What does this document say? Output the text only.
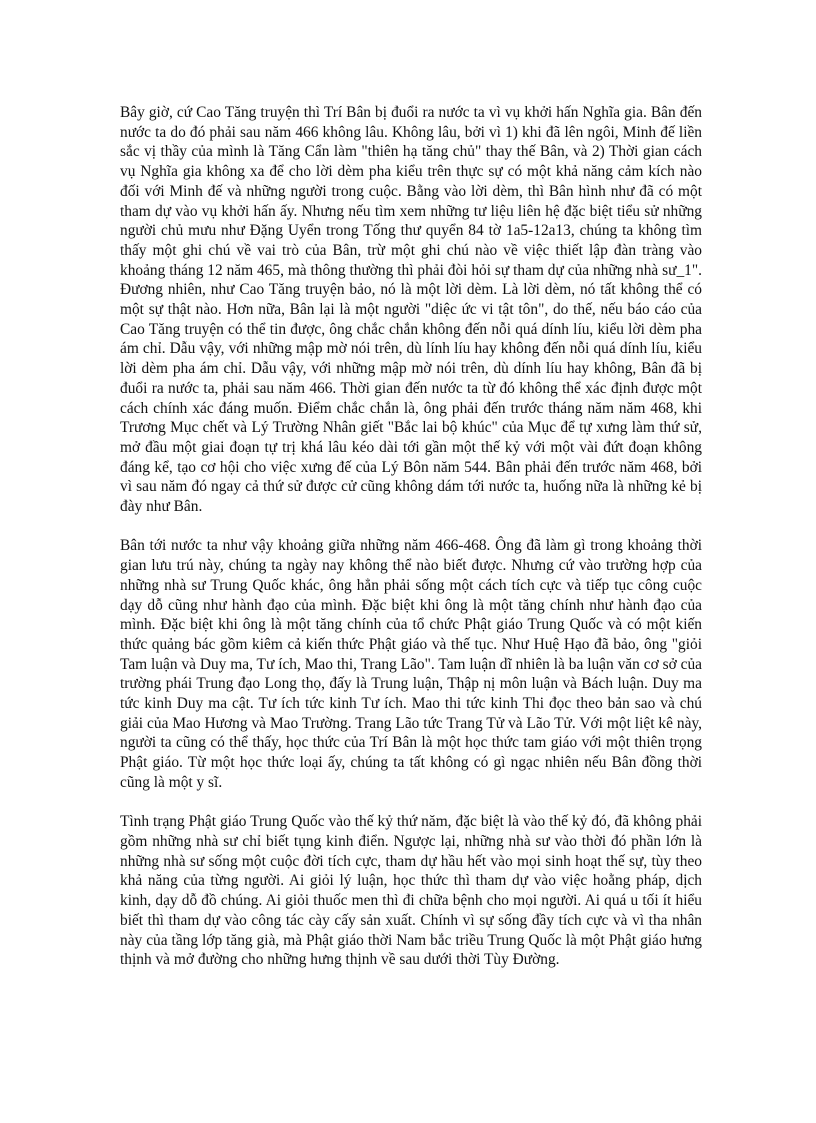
Bây giờ, cứ Cao Tăng truyện thì Trí Bân bị đuổi ra nước ta vì vụ khởi hấn Nghĩa gia. Bân đến nước ta do đó phải sau năm 466 không lâu. Không lâu, bởi vì 1) khi đã lên ngôi, Minh đế liền sắc vị thầy của mình là Tăng Cẩn làm "thiên hạ tăng chủ" thay thế Bân, và 2) Thời gian cách vụ Nghĩa gia không xa để cho lời dèm pha kiểu trên thực sự có một khả năng cảm kích nào đối với Minh đế và những người trong cuộc. Bằng vào lời dèm, thì Bân hình như đã có một tham dự vào vụ khởi hấn ấy. Nhưng nếu tìm xem những tư liệu liên hệ đặc biệt tiểu sử những người chủ mưu như Đặng Uyển trong Tống thư quyển 84 tờ 1a5-12a13, chúng ta không tìm thấy một ghi chú về vai trò của Bân, trừ một ghi chú nào về việc thiết lập đàn tràng vào khoảng tháng 12 năm 465, mà thông thường thì phải đòi hỏi sự tham dự của những nhà sư_1". Đương nhiên, như Cao Tăng truyện bảo, nó là một lời dèm. Là lời dèm, nó tất không thể có một sự thật nào. Hơn nữa, Bân lại là một người "diệc ức vi tật tôn", do thế, nếu báo cáo của Cao Tăng truyện có thể tin được, ông chắc chắn không đến nỗi quá dính líu, kiểu lời dèm pha ám chỉ. Dẫu vậy, với những mập mờ nói trên, dù lính líu hay không đến nỗi quá dính líu, kiểu lời dèm pha ám chỉ. Dẫu vậy, với những mập mờ nói trên, dù dính líu hay không, Bân đã bị đuổi ra nước ta, phải sau năm 466. Thời gian đến nước ta từ đó không thể xác định được một cách chính xác đáng muốn. Điểm chắc chắn là, ông phải đến trước tháng năm năm 468, khi Trương Mục chết và Lý Trường Nhân giết "Bắc lai bộ khúc" của Mục để tự xưng làm thứ sử, mở đầu một giai đoạn tự trị khá lâu kéo dài tới gần một thế kỷ với một vài đứt đoạn không đáng kể, tạo cơ hội cho việc xưng đế của Lý Bôn năm 544. Bân phải đến trước năm 468, bởi vì sau năm đó ngay cả thứ sử được cử cũng không dám tới nước ta, huống nữa là những kẻ bị đày như Bân.

Bân tới nước ta như vậy khoảng giữa những năm 466-468. Ông đã làm gì trong khoảng thời gian lưu trú này, chúng ta ngày nay không thể nào biết được. Nhưng cứ vào trường hợp của những nhà sư Trung Quốc khác, ông hẳn phải sống một cách tích cực và tiếp tục công cuộc dạy dỗ cũng như hành đạo của mình. Đặc biệt khi ông là một tăng chính như hành đạo của mình. Đặc biệt khi ông là một tăng chính của tổ chức Phật giáo Trung Quốc và có một kiến thức quảng bác gồm kiêm cả kiến thức Phật giáo và thế tục. Như Huệ Hạo đã bảo, ông "giỏi Tam luận và Duy ma, Tư ích, Mao thi, Trang Lão". Tam luận dĩ nhiên là ba luận văn cơ sở của trường phái Trung đạo Long thọ, đấy là Trung luận, Thập nị môn luận và Bách luận. Duy ma tức kinh Duy ma cật. Tư ích tức kinh Tư ích. Mao thi tức kinh Thi đọc theo bản sao và chú giải của Mao Hương và Mao Trường. Trang Lão tức Trang Tử và Lão Tử. Với một liệt kê này, người ta cũng có thể thấy, học thức của Trí Bân là một học thức tam giáo với một thiên trọng Phật giáo. Từ một học thức loại ấy, chúng ta tất không có gì ngạc nhiên nếu Bân đồng thời cũng là một y sĩ.

Tình trạng Phật giáo Trung Quốc vào thế kỷ thứ năm, đặc biệt là vào thế kỷ đó, đã không phải gồm những nhà sư chỉ biết tụng kinh điển. Ngược lại, những nhà sư vào thời đó phần lớn là những nhà sư sống một cuộc đời tích cực, tham dự hầu hết vào mọi sinh hoạt thế sự, tùy theo khả năng của từng người. Ai giỏi lý luận, học thức thì tham dự vào việc hoằng pháp, dịch kinh, dạy dỗ đồ chúng. Ai giỏi thuốc men thì đi chữa bệnh cho mọi người. Ai quá u tối ít hiểu biết thì tham dự vào công tác cày cấy sản xuất. Chính vì sự sống đầy tích cực và vì tha nhân này của tầng lớp tăng già, mà Phật giáo thời Nam bắc triều Trung Quốc là một Phật giáo hưng thịnh và mở đường cho những hưng thịnh về sau dưới thời Tùy Đường.
